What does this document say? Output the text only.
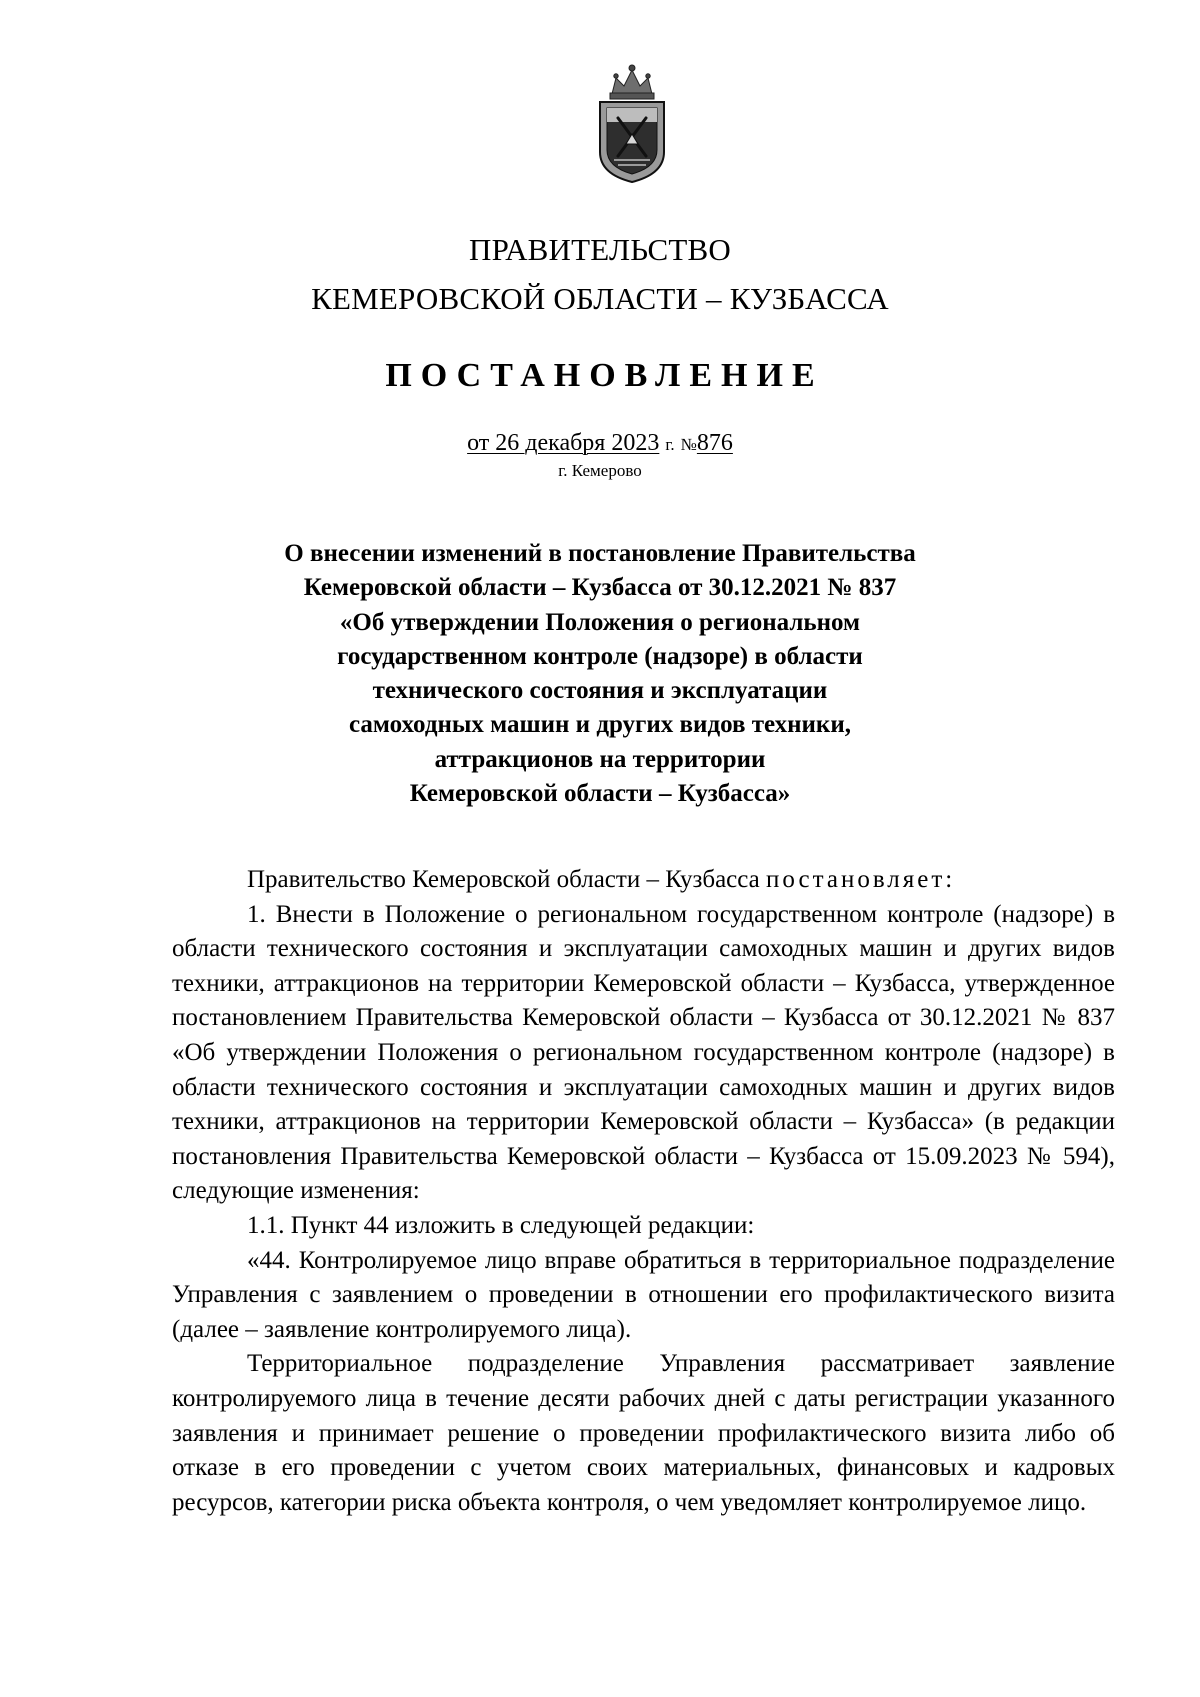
ПРАВИТЕЛЬСТВО
КЕМЕРОВСКОЙ ОБЛАСТИ – КУЗБАССА
ПОСТАНОВЛЕНИЕ
от 26 декабря 2023 г. №876
г. Кемерово
О внесении изменений в постановление Правительства
Кемеровской области – Кузбасса от 30.12.2021 № 837
«Об утверждении Положения о региональном
государственном контроле (надзоре) в области
технического состояния и эксплуатации
самоходных машин и других видов техники,
аттракционов на территории
Кемеровской области – Кузбасса»

Правительство Кемеровской области – Кузбасса постановляет:

1. Внести в Положение о региональном государственном контроле (надзоре) в области технического состояния и эксплуатации самоходных машин и других видов техники, аттракционов на территории Кемеровской области – Кузбасса, утвержденное постановлением Правительства Кемеровской области – Кузбасса от 30.12.2021 № 837 «Об утверждении Положения о региональном государственном контроле (надзоре) в области технического состояния и эксплуатации самоходных машин и других видов техники, аттракционов на территории Кемеровской области – Кузбасса» (в редакции постановления Правительства Кемеровской области – Кузбасса от 15.09.2023 № 594), следующие изменения:

1.1. Пункт 44 изложить в следующей редакции:

«44. Контролируемое лицо вправе обратиться в территориальное подразделение Управления с заявлением о проведении в отношении его профилактического визита (далее – заявление контролируемого лица).

Территориальное подразделение Управления рассматривает заявление контролируемого лица в течение десяти рабочих дней с даты регистрации указанного заявления и принимает решение о проведении профилактического визита либо об отказе в его проведении с учетом своих материальных, финансовых и кадровых ресурсов, категории риска объекта контроля, о чем уведомляет контролируемое лицо.
